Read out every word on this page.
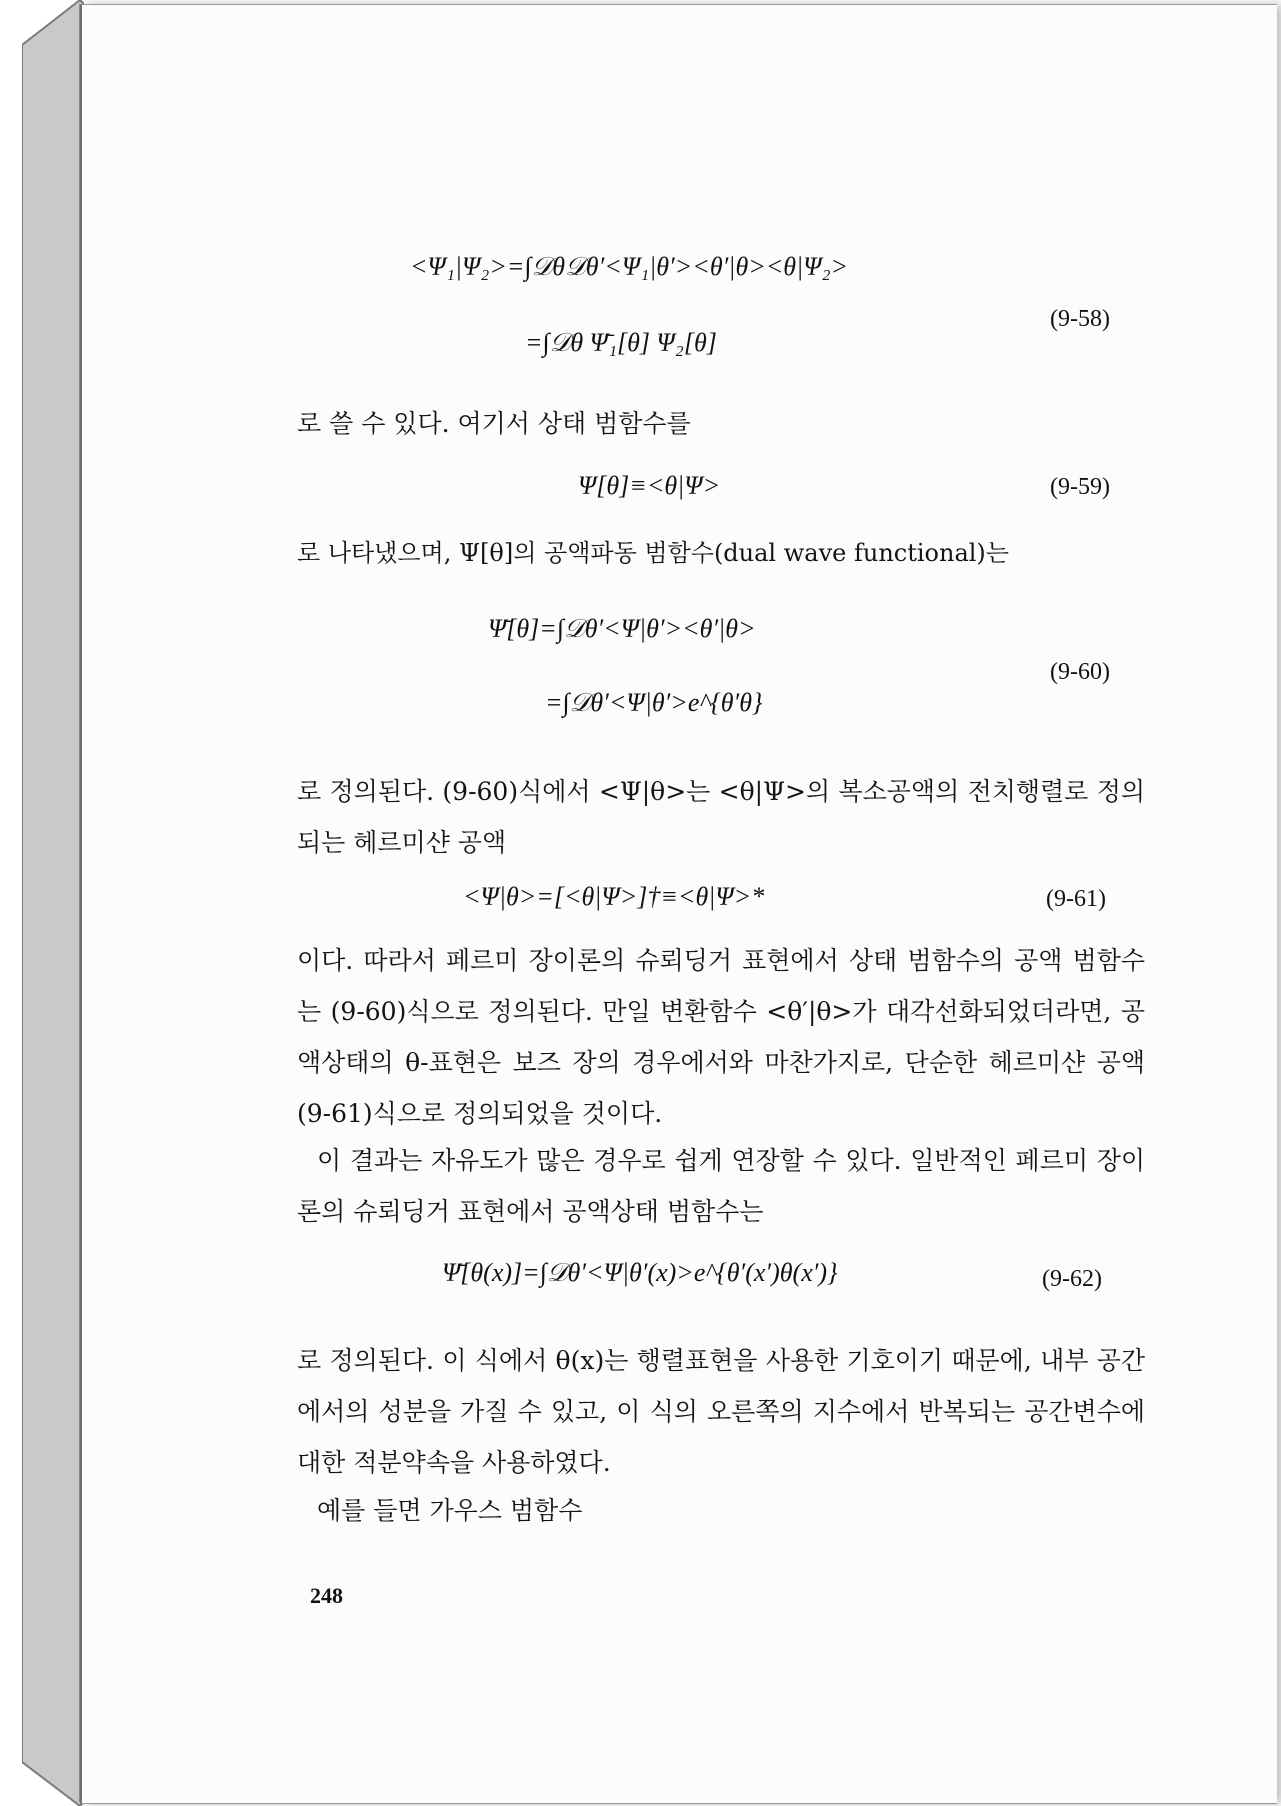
<Ψ₁|Ψ₂>=∫𝒟θ𝒟θ′<Ψ₁|θ′><θ′|θ><θ|Ψ₂>
=∫𝒟θ Ψ̄₁[θ] Ψ₂[θ]
(9-58)
로 쓸 수 있다. 여기서 상태 범함수를
Ψ[θ]≡<θ|Ψ>	(9-59)
로 나타냈으며, Ψ[θ]의 공액파동 범함수(dual wave functional)는
Ψ̄[θ]=∫𝒟θ′<Ψ|θ′><θ′|θ>
=∫𝒟θ′<Ψ|θ′>e^{θ′θ}
(9-60)
로 정의된다. (9-60)식에서 <Ψ|θ>는 <θ|Ψ>의 복소공액의 전치행렬로 정의되는 헤르미샨 공액
<Ψ|θ>=[<θ|Ψ>]†≡<θ|Ψ>*	(9-61)
이다. 따라서 페르미 장이론의 슈뢰딩거 표현에서 상태 범함수의 공액 범함수는 (9-60)식으로 정의된다. 만일 변환함수 <θ′|θ>가 대각선화되었더라면, 공액상태의 θ-표현은 보즈 장의 경우에서와 마찬가지로, 단순한 헤르미샨 공액 (9-61)식으로 정의되었을 것이다.
이 결과는 자유도가 많은 경우로 쉽게 연장할 수 있다. 일반적인 페르미 장이론의 슈뢰딩거 표현에서 공액상태 범함수는
Ψ̄[θ(x)]=∫𝒟θ′<Ψ|θ′(x)>e^{θ′(x′)θ(x′)}	(9-62)
로 정의된다. 이 식에서 θ(x)는 행렬표현을 사용한 기호이기 때문에, 내부 공간에서의 성분을 가질 수 있고, 이 식의 오른쪽의 지수에서 반복되는 공간변수에 대한 적분약속을 사용하였다.
예를 들면 가우스 범함수
248
